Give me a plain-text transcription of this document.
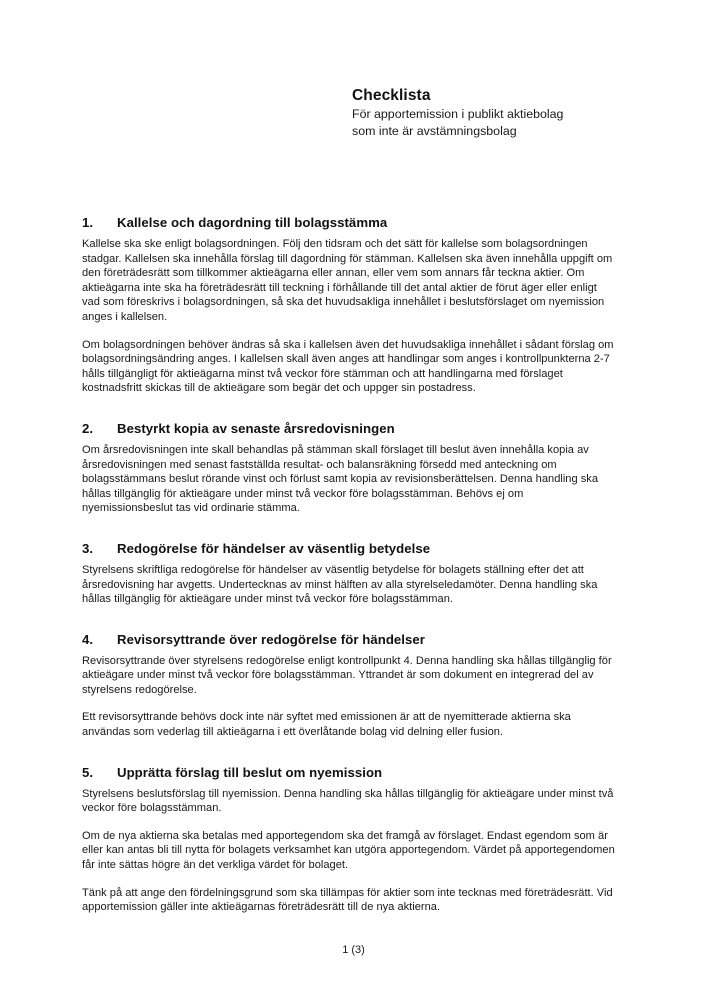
Checklista
För apportemission i publikt aktiebolag
som inte är avstämningsbolag
1.	Kallelse och dagordning till bolagsstämma

Kallelse ska ske enligt bolagsordningen. Följ den tidsram och det sätt för kallelse som bolagsordningen stadgar. Kallelsen ska innehålla förslag till dagordning för stämman. Kallelsen ska även innehålla uppgift om den företrädesrätt som tillkommer aktieägarna eller annan, eller vem som annars får teckna aktier. Om aktieägarna inte ska ha företrädesrätt till teckning i förhållande till det antal aktier de förut äger eller enligt vad som föreskrivs i bolagsordningen, så ska det huvudsakliga innehållet i beslutsförslaget om nyemission anges i kallelsen.

Om bolagsordningen behöver ändras så ska i kallelsen även det huvudsakliga innehållet i sådant förslag om bolagsordningsändring anges. I kallelsen skall även anges att handlingar som anges i kontrollpunkterna 2-7 hålls tillgängligt för aktieägarna minst två veckor före stämman och att handlingarna med förslaget kostnadsfritt skickas till de aktieägare som begär det och uppger sin postadress.

2.	Bestyrkt kopia av senaste årsredovisningen

Om årsredovisningen inte skall behandlas på stämman skall förslaget till beslut även innehålla kopia av årsredovisningen med senast fastställda resultat- och balansräkning försedd med anteckning om bolagsstämmans beslut rörande vinst och förlust samt kopia av revisionsberättelsen. Denna handling ska hållas tillgänglig för aktieägare under minst två veckor före bolagsstämman. Behövs ej om nyemissionsbeslut tas vid ordinarie stämma.

3.	Redogörelse för händelser av väsentlig betydelse

Styrelsens skriftliga redogörelse för händelser av väsentlig betydelse för bolagets ställning efter det att årsredovisning har avgetts. Undertecknas av minst hälften av alla styrelseledamöter. Denna handling ska hållas tillgänglig för aktieägare under minst två veckor före bolagsstämman.

4.	Revisorsyttrande över redogörelse för händelser

Revisorsyttrande över styrelsens redogörelse enligt kontrollpunkt 4. Denna handling ska hållas tillgänglig för aktieägare under minst två veckor före bolagsstämman. Yttrandet är som dokument en integrerad del av styrelsens redogörelse.

Ett revisorsyttrande behövs dock inte när syftet med emissionen är att de nyemitterade aktierna ska användas som vederlag till aktieägarna i ett överlåtande bolag vid delning eller fusion.

5.	Upprätta förslag till beslut om nyemission

Styrelsens beslutsförslag till nyemission. Denna handling ska hållas tillgänglig för aktieägare under minst två veckor före bolagsstämman.

Om de nya aktierna ska betalas med apportegendom ska det framgå av förslaget. Endast egendom som är eller kan antas bli till nytta för bolagets verksamhet kan utgöra apportegendom. Värdet på apportegendomen får inte sättas högre än det verkliga värdet för bolaget.

Tänk på att ange den fördelningsgrund som ska tillämpas för aktier som inte tecknas med företrädesrätt. Vid apportemission gäller inte aktieägarnas företrädesrätt till de nya aktierna.

1 (3)
